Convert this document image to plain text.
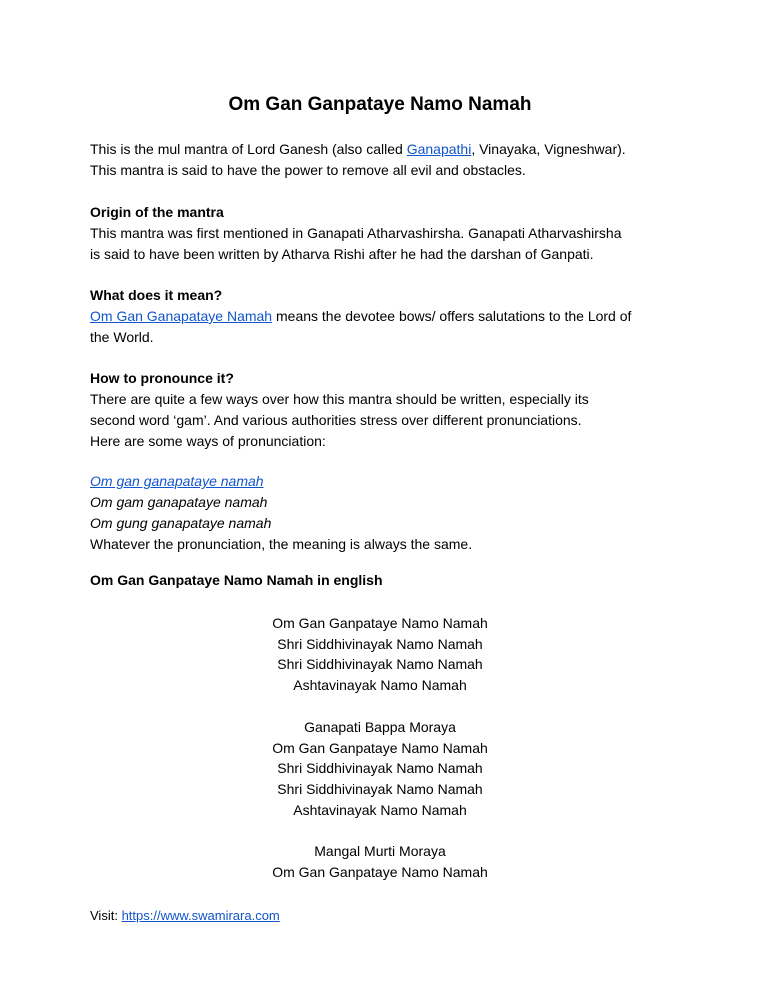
Om Gan Ganpataye Namo Namah
This is the mul mantra of Lord Ganesh (also called Ganapathi, Vinayaka, Vigneshwar).
This mantra is said to have the power to remove all evil and obstacles.
Origin of the mantra
This mantra was first mentioned in Ganapati Atharvashirsha. Ganapati Atharvashirsha
is said to have been written by Atharva Rishi after he had the darshan of Ganpati.
What does it mean?
Om Gan Ganapataye Namah means the devotee bows/ offers salutations to the Lord of
the World.
How to pronounce it?
There are quite a few ways over how this mantra should be written, especially its
second word ‘gam’. And various authorities stress over different pronunciations.
Here are some ways of pronunciation:
Om gan ganapataye namah
Om gam ganapataye namah
Om gung ganapataye namah
Whatever the pronunciation, the meaning is always the same.
Om Gan Ganpataye Namo Namah in english
Om Gan Ganpataye Namo Namah
Shri Siddhivinayak Namo Namah
Shri Siddhivinayak Namo Namah
Ashtavinayak Namo Namah
Ganapati Bappa Moraya
Om Gan Ganpataye Namo Namah
Shri Siddhivinayak Namo Namah
Shri Siddhivinayak Namo Namah
Ashtavinayak Namo Namah
Mangal Murti Moraya
Om Gan Ganpataye Namo Namah
Visit: https://www.swamirara.com
